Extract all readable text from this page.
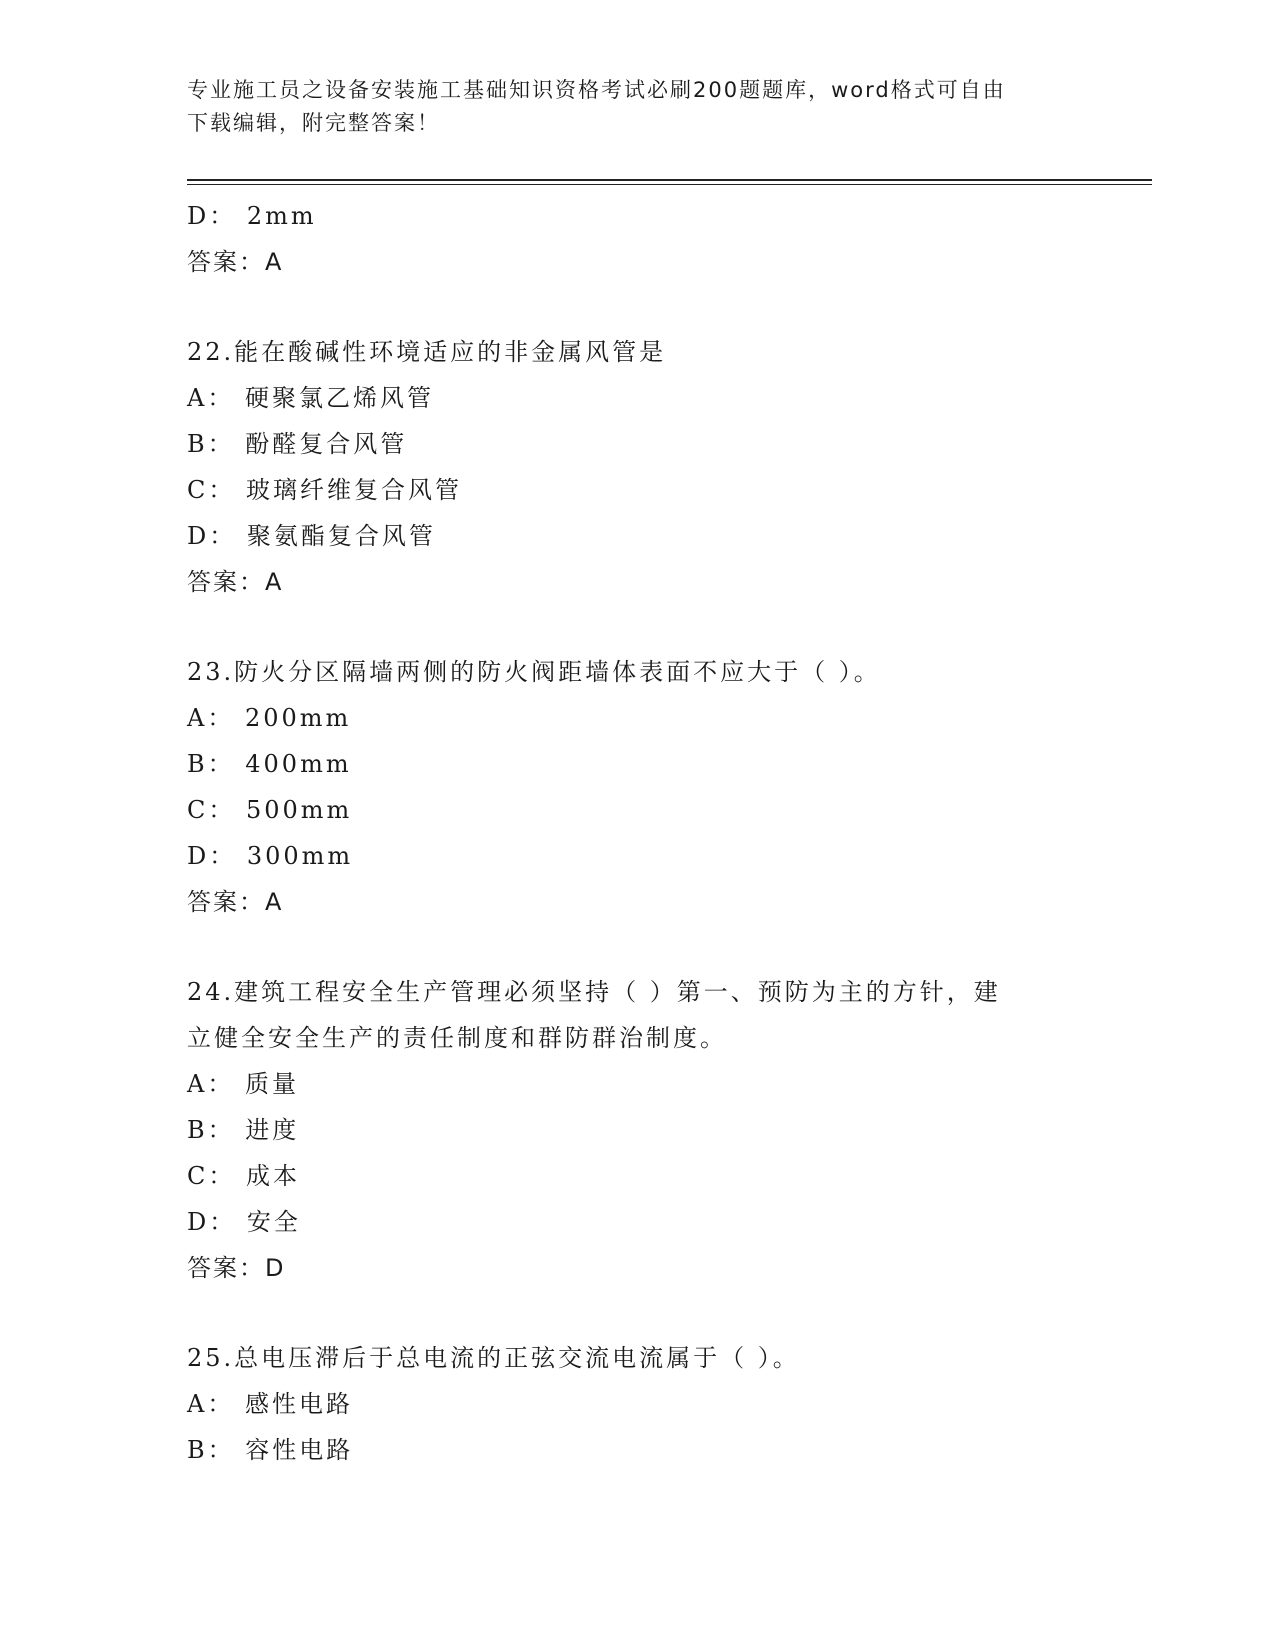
专业施工员之设备安装施工基础知识资格考试必刷200题题库，word格式可自由
下载编辑，附完整答案！
D： 2mm
答案：A
22.能在酸碱性环境适应的非金属风管是
A： 硬聚氯乙烯风管
B： 酚醛复合风管
C： 玻璃纤维复合风管
D： 聚氨酯复合风管
答案：A
23.防火分区隔墙两侧的防火阀距墙体表面不应大于（ ）。
A： 200mm
B： 400mm
C： 500mm
D： 300mm
答案：A
24.建筑工程安全生产管理必须坚持（ ）第一、预防为主的方针，建
立健全安全生产的责任制度和群防群治制度。
A： 质量
B： 进度
C： 成本
D： 安全
答案：D
25.总电压滞后于总电流的正弦交流电流属于（ ）。
A： 感性电路
B： 容性电路
